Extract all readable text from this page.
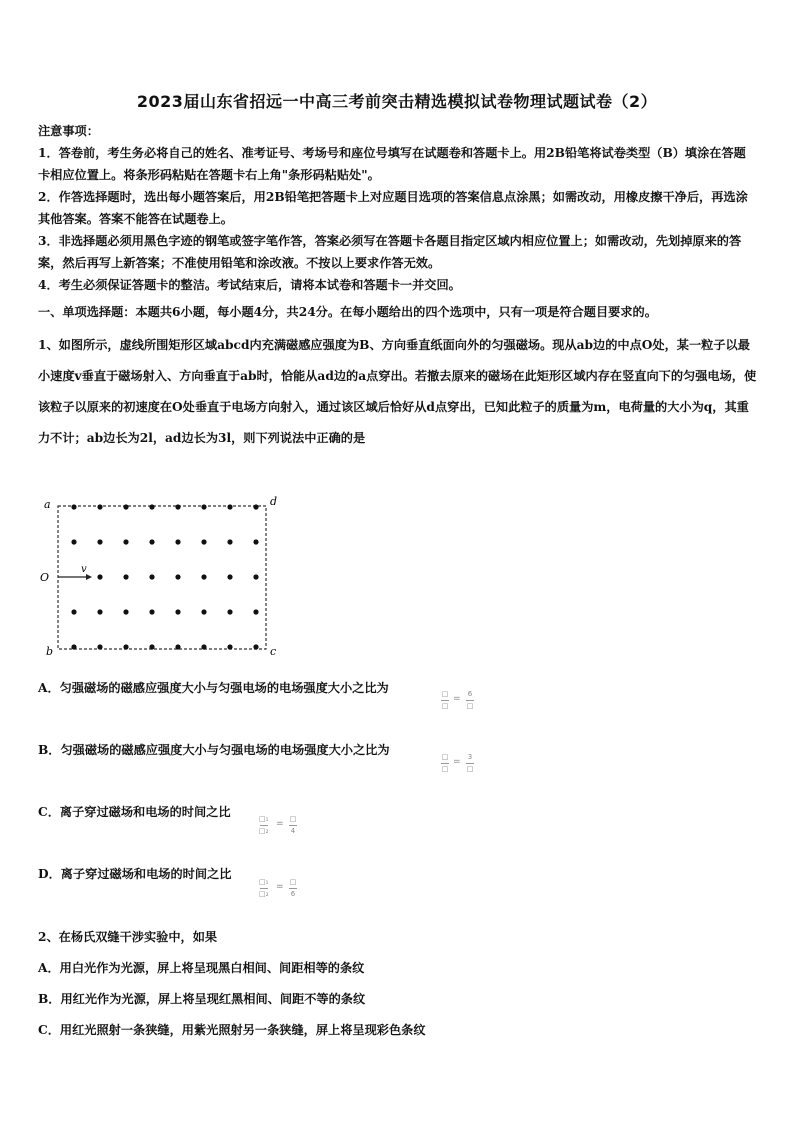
2023届山东省招远一中高三考前突击精选模拟试卷物理试题试卷（2）

注意事项：

1．答卷前，考生务必将自己的姓名、准考证号、考场号和座位号填写在试题卷和答题卡上。用2B铅笔将试卷类型（B）填涂在答题卡相应位置上。将条形码粘贴在答题卡右上角"条形码粘贴处"。

2．作答选择题时，选出每小题答案后，用2B铅笔把答题卡上对应题目选项的答案信息点涂黑；如需改动，用橡皮擦干净后，再选涂其他答案。答案不能答在试题卷上。

3．非选择题必须用黑色字迹的钢笔或签字笔作答，答案必须写在答题卡各题目指定区域内相应位置上；如需改动，先划掉原来的答案，然后再写上新答案；不准使用铅笔和涂改液。不按以上要求作答无效。

4．考生必须保证答题卡的整洁。考试结束后，请将本试卷和答题卡一并交回。

一、单项选择题：本题共6小题，每小题4分，共24分。在每小题给出的四个选项中，只有一项是符合题目要求的。
1、如图所示，虚线所围矩形区域abcd内充满磁感应强度为B、方向垂直纸面向外的匀强磁场。现从ab边的中点O处，某一粒子以最小速度v垂直于磁场射入、方向垂直于ab时，恰能从ad边的a点穿出。若撤去原来的磁场在此矩形区域内存在竖直向下的匀强电场，使该粒子以原来的初速度在O处垂直于电场方向射入，通过该区域后恰好从d点穿出，已知此粒子的质量为m，电荷量的大小为q，其重力不计；ab边长为2l，ad边长为3l，则下列说法中正确的是
a	d
O
v
b	c
A．匀强磁场的磁感应强度大小与匀强电场的电场强度大小之比为	□
□
= 6
□
B．匀强磁场的磁感应强度大小与匀强电场的电场强度大小之比为	□
□
= 3
□
C．离子穿过磁场和电场的时间之比	□₁
□₂
= □
4
D．离子穿过磁场和电场的时间之比
□₁
□₂
= □
6
2、在杨氏双缝干涉实验中，如果
A．用白光作为光源，屏上将呈现黑白相间、间距相等的条纹
B．用红光作为光源，屏上将呈现红黑相间、间距不等的条纹
C．用红光照射一条狭缝，用紫光照射另一条狭缝，屏上将呈现彩色条纹
